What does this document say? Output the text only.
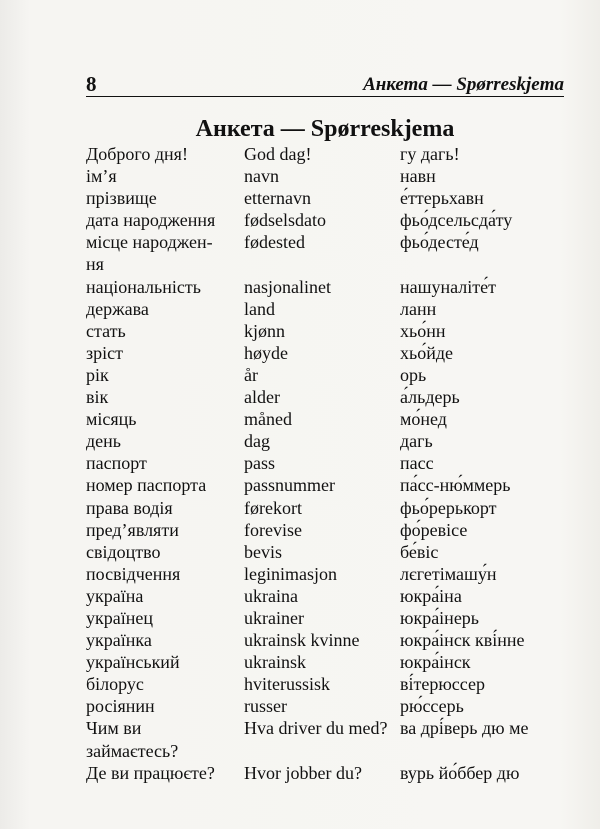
8	Анкета — Spørreskjema
Анкета — Spørreskjema
Доброго дня!	God dag!	гу дагь!
ім’я	navn	навн
прізвище	etternavn	е́ттерьхавн
дата народження	fødselsdato	фьо́дсельсда́ту
місце народжен-
ня	fødested	фьо́десте́д
національність	nasjonalinet	нашуналіте́т
держава	land	ланн
стать	kjønn	хьо́нн
зріст	høyde	хьо́йде
рік	år	орь
вік	alder	а́льдерь
місяць	måned	мо́нед
день	dag	дагь
паспорт	pass	пасс
номер паспорта	passnummer	па́сс-ню́ммерь
права водія	førekort	фьо́рерькорт
пред’являти	forevise	фо́ревісе
свідоцтво	bevis	бе́віс
посвідчення	leginimasjon	лєгетімашу́н
україна	ukraina	юкра́іна
українец	ukrainer	юкра́інерь
українка	ukrainsk kvinne	юкра́інск кві́нне
український	ukrainsk	юкра́інск
білорус	hviterussisk	ві́терюссер
росіянин	russer	рю́ссерь
Чим ви
займаєтесь?	Hva driver du med?	ва дрі́верь дю ме
Де ви працюєте?	Hvor jobber du?	вурь йо́ббер дю
